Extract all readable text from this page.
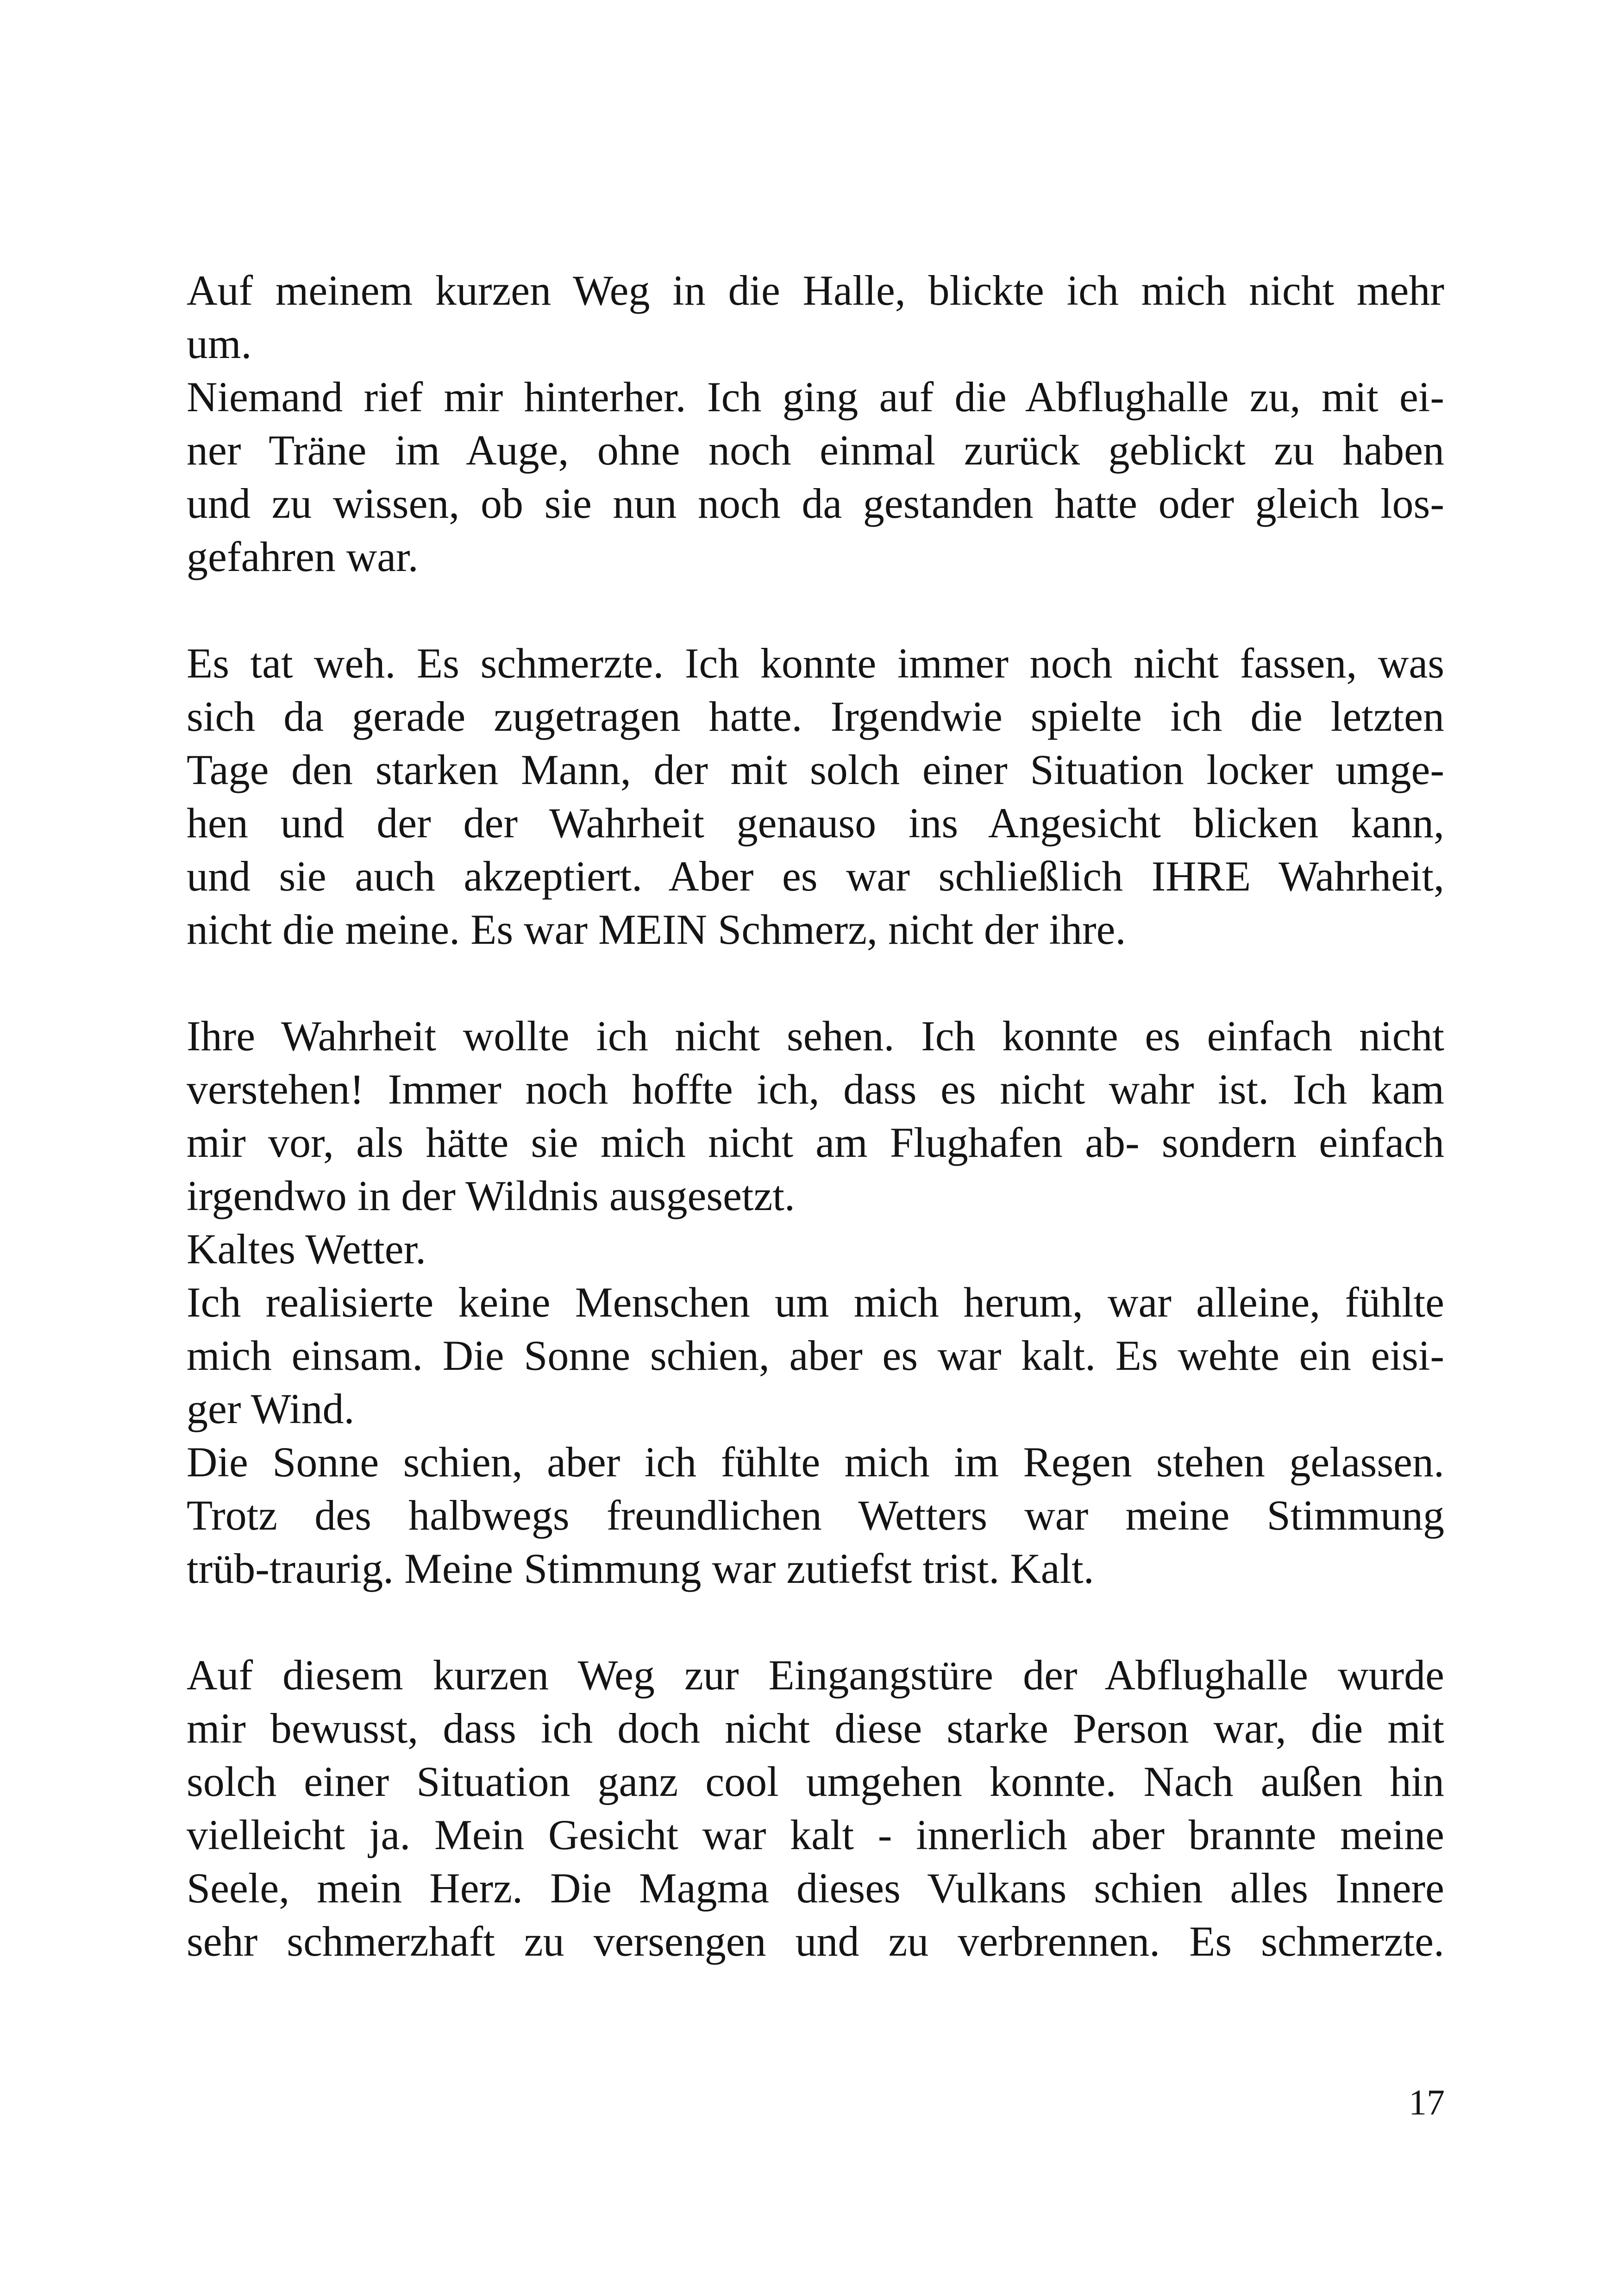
Auf meinem kurzen Weg in die Halle, blickte ich mich nicht mehr
um.
Niemand rief mir hinterher. Ich ging auf die Abflughalle zu, mit ei-
ner Träne im Auge, ohne noch einmal zurück geblickt zu haben
und zu wissen, ob sie nun noch da gestanden hatte oder gleich los-
gefahren war.
Es tat weh. Es schmerzte. Ich konnte immer noch nicht fassen, was
sich da gerade zugetragen hatte. Irgendwie spielte ich die letzten
Tage den starken Mann, der mit solch einer Situation locker umge-
hen und der der Wahrheit genauso ins Angesicht blicken kann,
und sie auch akzeptiert. Aber es war schließlich IHRE Wahrheit,
nicht die meine. Es war MEIN Schmerz, nicht der ihre.
Ihre Wahrheit wollte ich nicht sehen. Ich konnte es einfach nicht
verstehen! Immer noch hoffte ich, dass es nicht wahr ist. Ich kam
mir vor, als hätte sie mich nicht am Flughafen ab- sondern einfach
irgendwo in der Wildnis ausgesetzt.
Kaltes Wetter.
Ich realisierte keine Menschen um mich herum, war alleine, fühlte
mich einsam. Die Sonne schien, aber es war kalt. Es wehte ein eisi-
ger Wind.
Die Sonne schien, aber ich fühlte mich im Regen stehen gelassen.
Trotz des halbwegs freundlichen Wetters war meine Stimmung
trüb-traurig. Meine Stimmung war zutiefst trist. Kalt.
Auf diesem kurzen Weg zur Eingangstüre der Abflughalle wurde
mir bewusst, dass ich doch nicht diese starke Person war, die mit
solch einer Situation ganz cool umgehen konnte. Nach außen hin
vielleicht ja. Mein Gesicht war kalt - innerlich aber brannte meine
Seele, mein Herz. Die Magma dieses Vulkans schien alles Innere
sehr schmerzhaft zu versengen und zu verbrennen. Es schmerzte.
17
